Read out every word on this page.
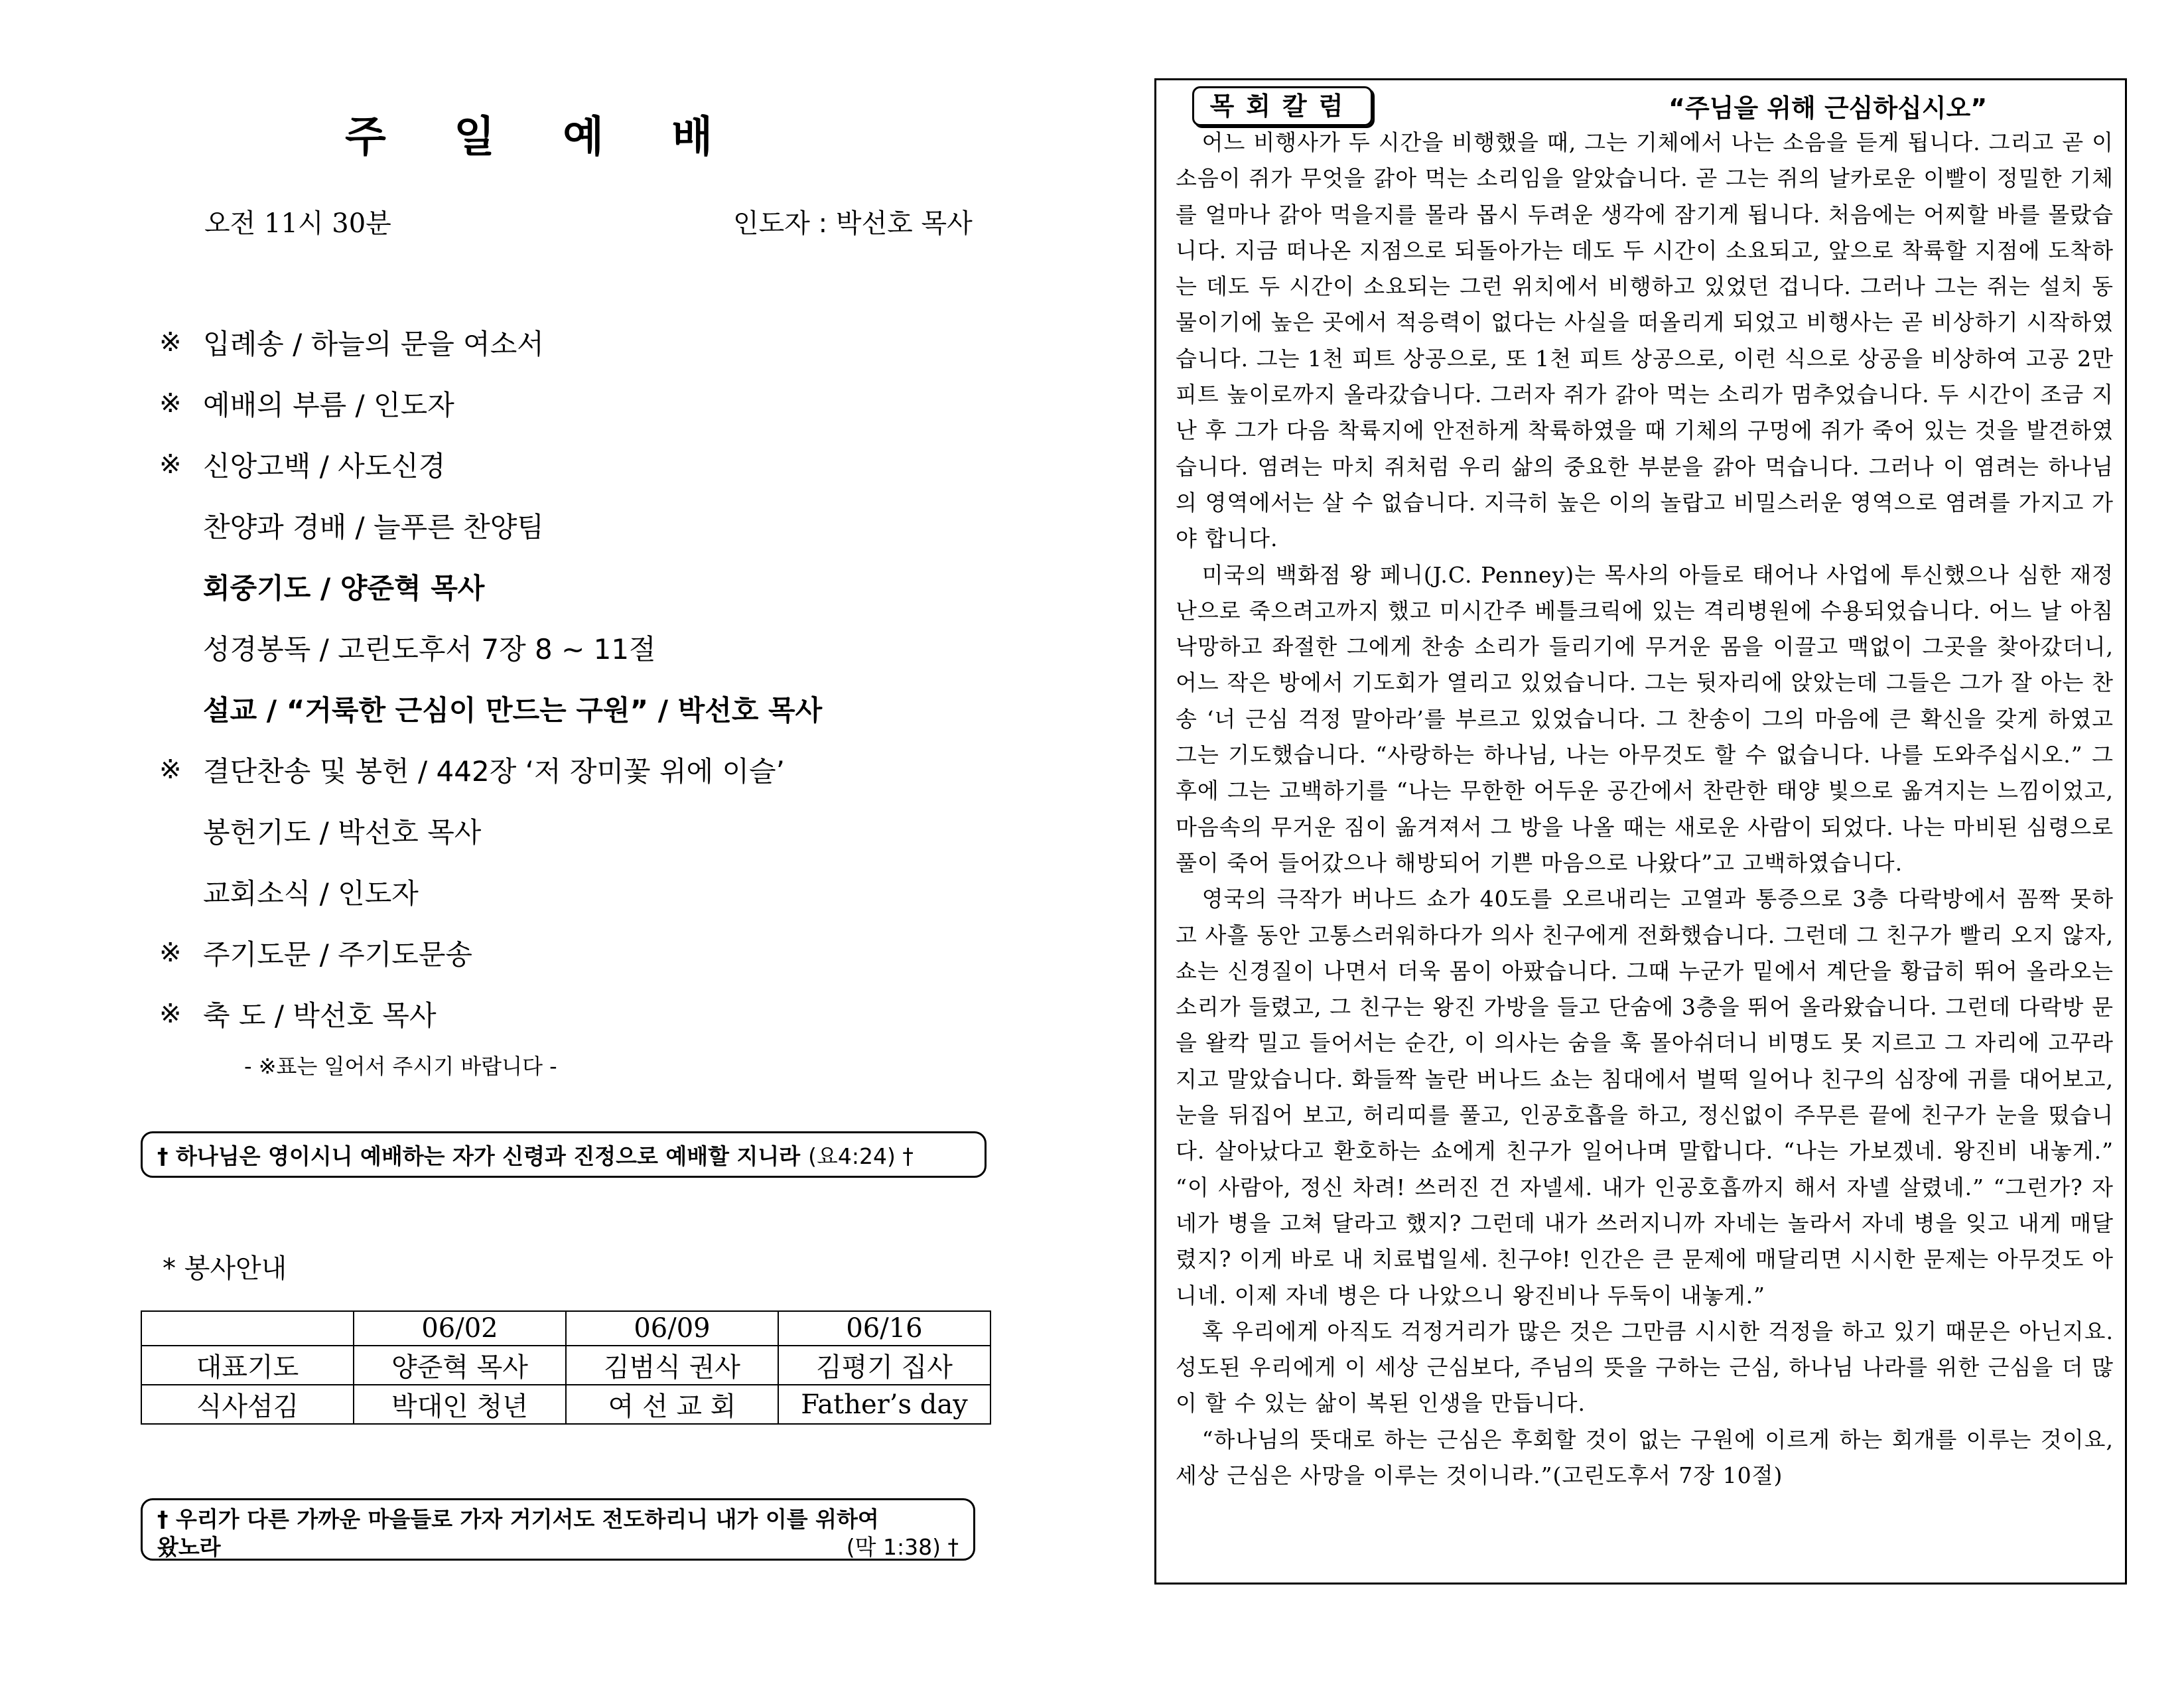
주 일 예 배
오전 11시 30분	인도자 : 박선호 목사
※ 입례송 / 하늘의 문을 여소서
※ 예배의 부름 / 인도자
※ 신앙고백 / 사도신경
찬양과 경배 / 늘푸른 찬양팀
회중기도 / 양준혁 목사
성경봉독 / 고린도후서 7장 8 ~ 11절
설교 / “거룩한 근심이 만드는 구원” / 박선호 목사
※ 결단찬송 및 봉헌 / 442장 ‘저 장미꽃 위에 이슬’
봉헌기도 / 박선호 목사
교회소식 / 인도자
※ 주기도문 / 주기도문송
※ 축 도 / 박선호 목사
- ※표는 일어서 주시기 바랍니다 -
† 하나님은 영이시니 예배하는 자가 신령과 진정으로 예배할 지니라 (요4:24) †
* 봉사안내
	06/02	06/09	06/16
대표기도	양준혁 목사	김범식 권사	김평기 집사
식사섬김	박대인 청년	여 선 교 회	Father’s day
† 우리가 다른 가까운 마을들로 가자 거기서도 전도하리니 내가 이를 위하여
왔노라	(막 1:38) †
목회칼럼	“주님을 위해 근심하십시오”

어느 비행사가 두 시간을 비행했을 때, 그는 기체에서 나는 소음을 듣게 됩니다. 그리고 곧 이 소음이 쥐가 무엇을 갉아 먹는 소리임을 알았습니다. 곧 그는 쥐의 날카로운 이빨이 정밀한 기체를 얼마나 갉아 먹을지를 몰라 몹시 두려운 생각에 잠기게 됩니다. 처음에는 어찌할 바를 몰랐습니다. 지금 떠나온 지점으로 되돌아가는 데도 두 시간이 소요되고, 앞으로 착륙할 지점에 도착하는 데도 두 시간이 소요되는 그런 위치에서 비행하고 있었던 겁니다. 그러나 그는 쥐는 설치 동물이기에 높은 곳에서 적응력이 없다는 사실을 떠올리게 되었고 비행사는 곧 비상하기 시작하였습니다. 그는 1천 피트 상공으로, 또 1천 피트 상공으로, 이런 식으로 상공을 비상하여 고공 2만 피트 높이로까지 올라갔습니다. 그러자 쥐가 갉아 먹는 소리가 멈추었습니다. 두 시간이 조금 지난 후 그가 다음 착륙지에 안전하게 착륙하였을 때 기체의 구멍에 쥐가 죽어 있는 것을 발견하였습니다. 염려는 마치 쥐처럼 우리 삶의 중요한 부분을 갉아 먹습니다. 그러나 이 염려는 하나님의 영역에서는 살 수 없습니다. 지극히 높은 이의 놀랍고 비밀스러운 영역으로 염려를 가지고 가야 합니다.

미국의 백화점 왕 페니(J.C. Penney)는 목사의 아들로 태어나 사업에 투신했으나 심한 재정난으로 죽으려고까지 했고 미시간주 베틀크릭에 있는 격리병원에 수용되었습니다. 어느 날 아침 낙망하고 좌절한 그에게 찬송 소리가 들리기에 무거운 몸을 이끌고 맥없이 그곳을 찾아갔더니, 어느 작은 방에서 기도회가 열리고 있었습니다. 그는 뒷자리에 앉았는데 그들은 그가 잘 아는 찬송 ‘너 근심 걱정 말아라’를 부르고 있었습니다. 그 찬송이 그의 마음에 큰 확신을 갖게 하였고 그는 기도했습니다. “사랑하는 하나님, 나는 아무것도 할 수 없습니다. 나를 도와주십시오.” 그 후에 그는 고백하기를 “나는 무한한 어두운 공간에서 찬란한 태양 빛으로 옮겨지는 느낌이었고, 마음속의 무거운 짐이 옮겨져서 그 방을 나올 때는 새로운 사람이 되었다. 나는 마비된 심령으로 풀이 죽어 들어갔으나 해방되어 기쁜 마음으로 나왔다”고 고백하였습니다.

영국의 극작가 버나드 쇼가 40도를 오르내리는 고열과 통증으로 3층 다락방에서 꼼짝 못하고 사흘 동안 고통스러워하다가 의사 친구에게 전화했습니다. 그런데 그 친구가 빨리 오지 않자, 쇼는 신경질이 나면서 더욱 몸이 아팠습니다. 그때 누군가 밑에서 계단을 황급히 뛰어 올라오는 소리가 들렸고, 그 친구는 왕진 가방을 들고 단숨에 3층을 뛰어 올라왔습니다. 그런데 다락방 문을 왈칵 밀고 들어서는 순간, 이 의사는 숨을 훅 몰아쉬더니 비명도 못 지르고 그 자리에 고꾸라지고 말았습니다. 화들짝 놀란 버나드 쇼는 침대에서 벌떡 일어나 친구의 심장에 귀를 대어보고, 눈을 뒤집어 보고, 허리띠를 풀고, 인공호흡을 하고, 정신없이 주무른 끝에 친구가 눈을 떴습니다. 살아났다고 환호하는 쇼에게 친구가 일어나며 말합니다. “나는 가보겠네. 왕진비 내놓게.” “이 사람아, 정신 차려! 쓰러진 건 자넬세. 내가 인공호흡까지 해서 자넬 살렸네.” “그런가? 자네가 병을 고쳐 달라고 했지? 그런데 내가 쓰러지니까 자네는 놀라서 자네 병을 잊고 내게 매달렸지? 이게 바로 내 치료법일세. 친구야! 인간은 큰 문제에 매달리면 시시한 문제는 아무것도 아니네. 이제 자네 병은 다 나았으니 왕진비나 두둑이 내놓게.”

혹 우리에게 아직도 걱정거리가 많은 것은 그만큼 시시한 걱정을 하고 있기 때문은 아닌지요. 성도된 우리에게 이 세상 근심보다, 주님의 뜻을 구하는 근심, 하나님 나라를 위한 근심을 더 많이 할 수 있는 삶이 복된 인생을 만듭니다.

“하나님의 뜻대로 하는 근심은 후회할 것이 없는 구원에 이르게 하는 회개를 이루는 것이요, 세상 근심은 사망을 이루는 것이니라.”(고린도후서 7장 10절)
